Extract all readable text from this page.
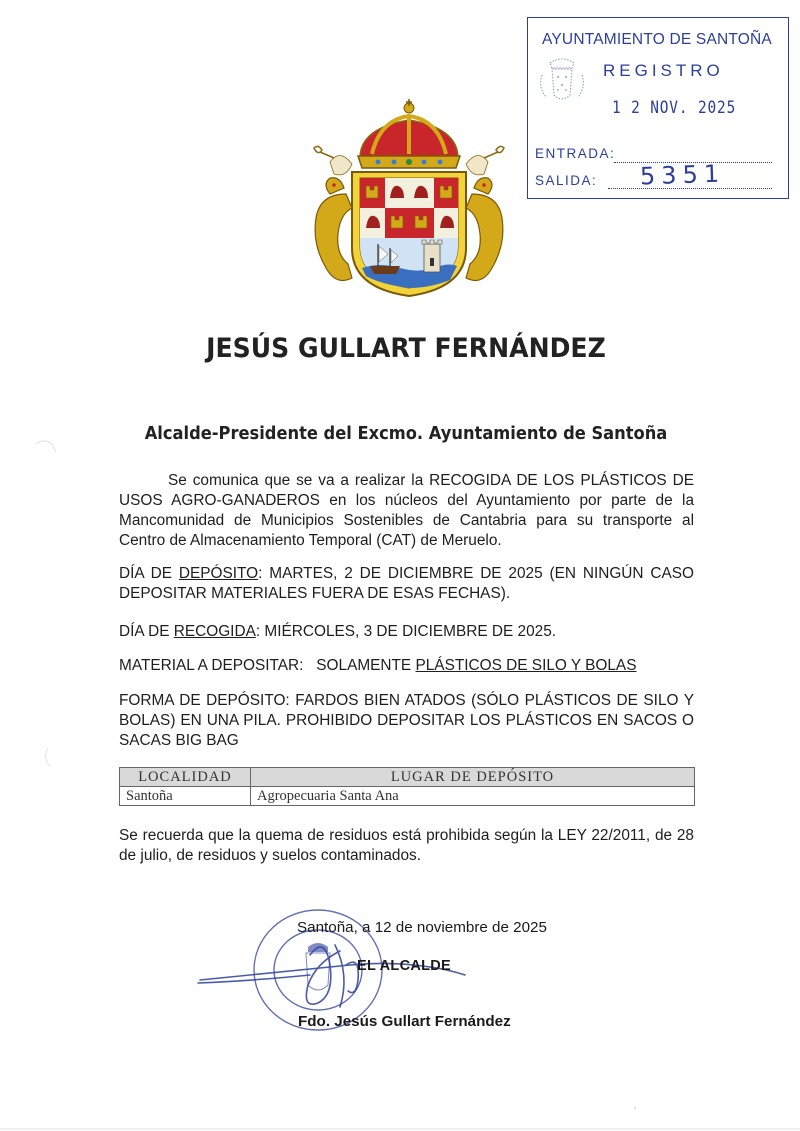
AYUNTAMIENTO DE SANTOÑA
REGISTRO
1 2 NOV. 2025
ENTRADA:
SALIDA: 5351
JESÚS GULLART FERNÁNDEZ
Alcalde-Presidente del Excmo. Ayuntamiento de Santoña
Se comunica que se va a realizar la RECOGIDA DE LOS PLÁSTICOS DE USOS AGRO-GANADEROS en los núcleos del Ayuntamiento por parte de la Mancomunidad de Municipios Sostenibles de Cantabria para su transporte al Centro de Almacenamiento Temporal (CAT) de Meruelo.
DÍA DE DEPÓSITO: MARTES, 2 DE DICIEMBRE DE 2025 (EN NINGÚN CASO DEPOSITAR MATERIALES FUERA DE ESAS FECHAS).
DÍA DE RECOGIDA: MIÉRCOLES, 3 DE DICIEMBRE DE 2025.
MATERIAL A DEPOSITAR:   SOLAMENTE PLÁSTICOS DE SILO Y BOLAS
FORMA DE DEPÓSITO: FARDOS BIEN ATADOS (SÓLO PLÁSTICOS DE SILO Y BOLAS) EN UNA PILA. PROHIBIDO DEPOSITAR LOS PLÁSTICOS EN SACOS O SACAS BIG BAG
LOCALIDAD	LUGAR DE DEPÓSITO
Santoña	Agropecuaria Santa Ana
Se recuerda que la quema de residuos está prohibida según la LEY 22/2011, de 28 de julio, de residuos y suelos contaminados.
Santoña, a 12 de noviembre de 2025
EL ALCALDE
Fdo. Jesús Gullart Fernández
